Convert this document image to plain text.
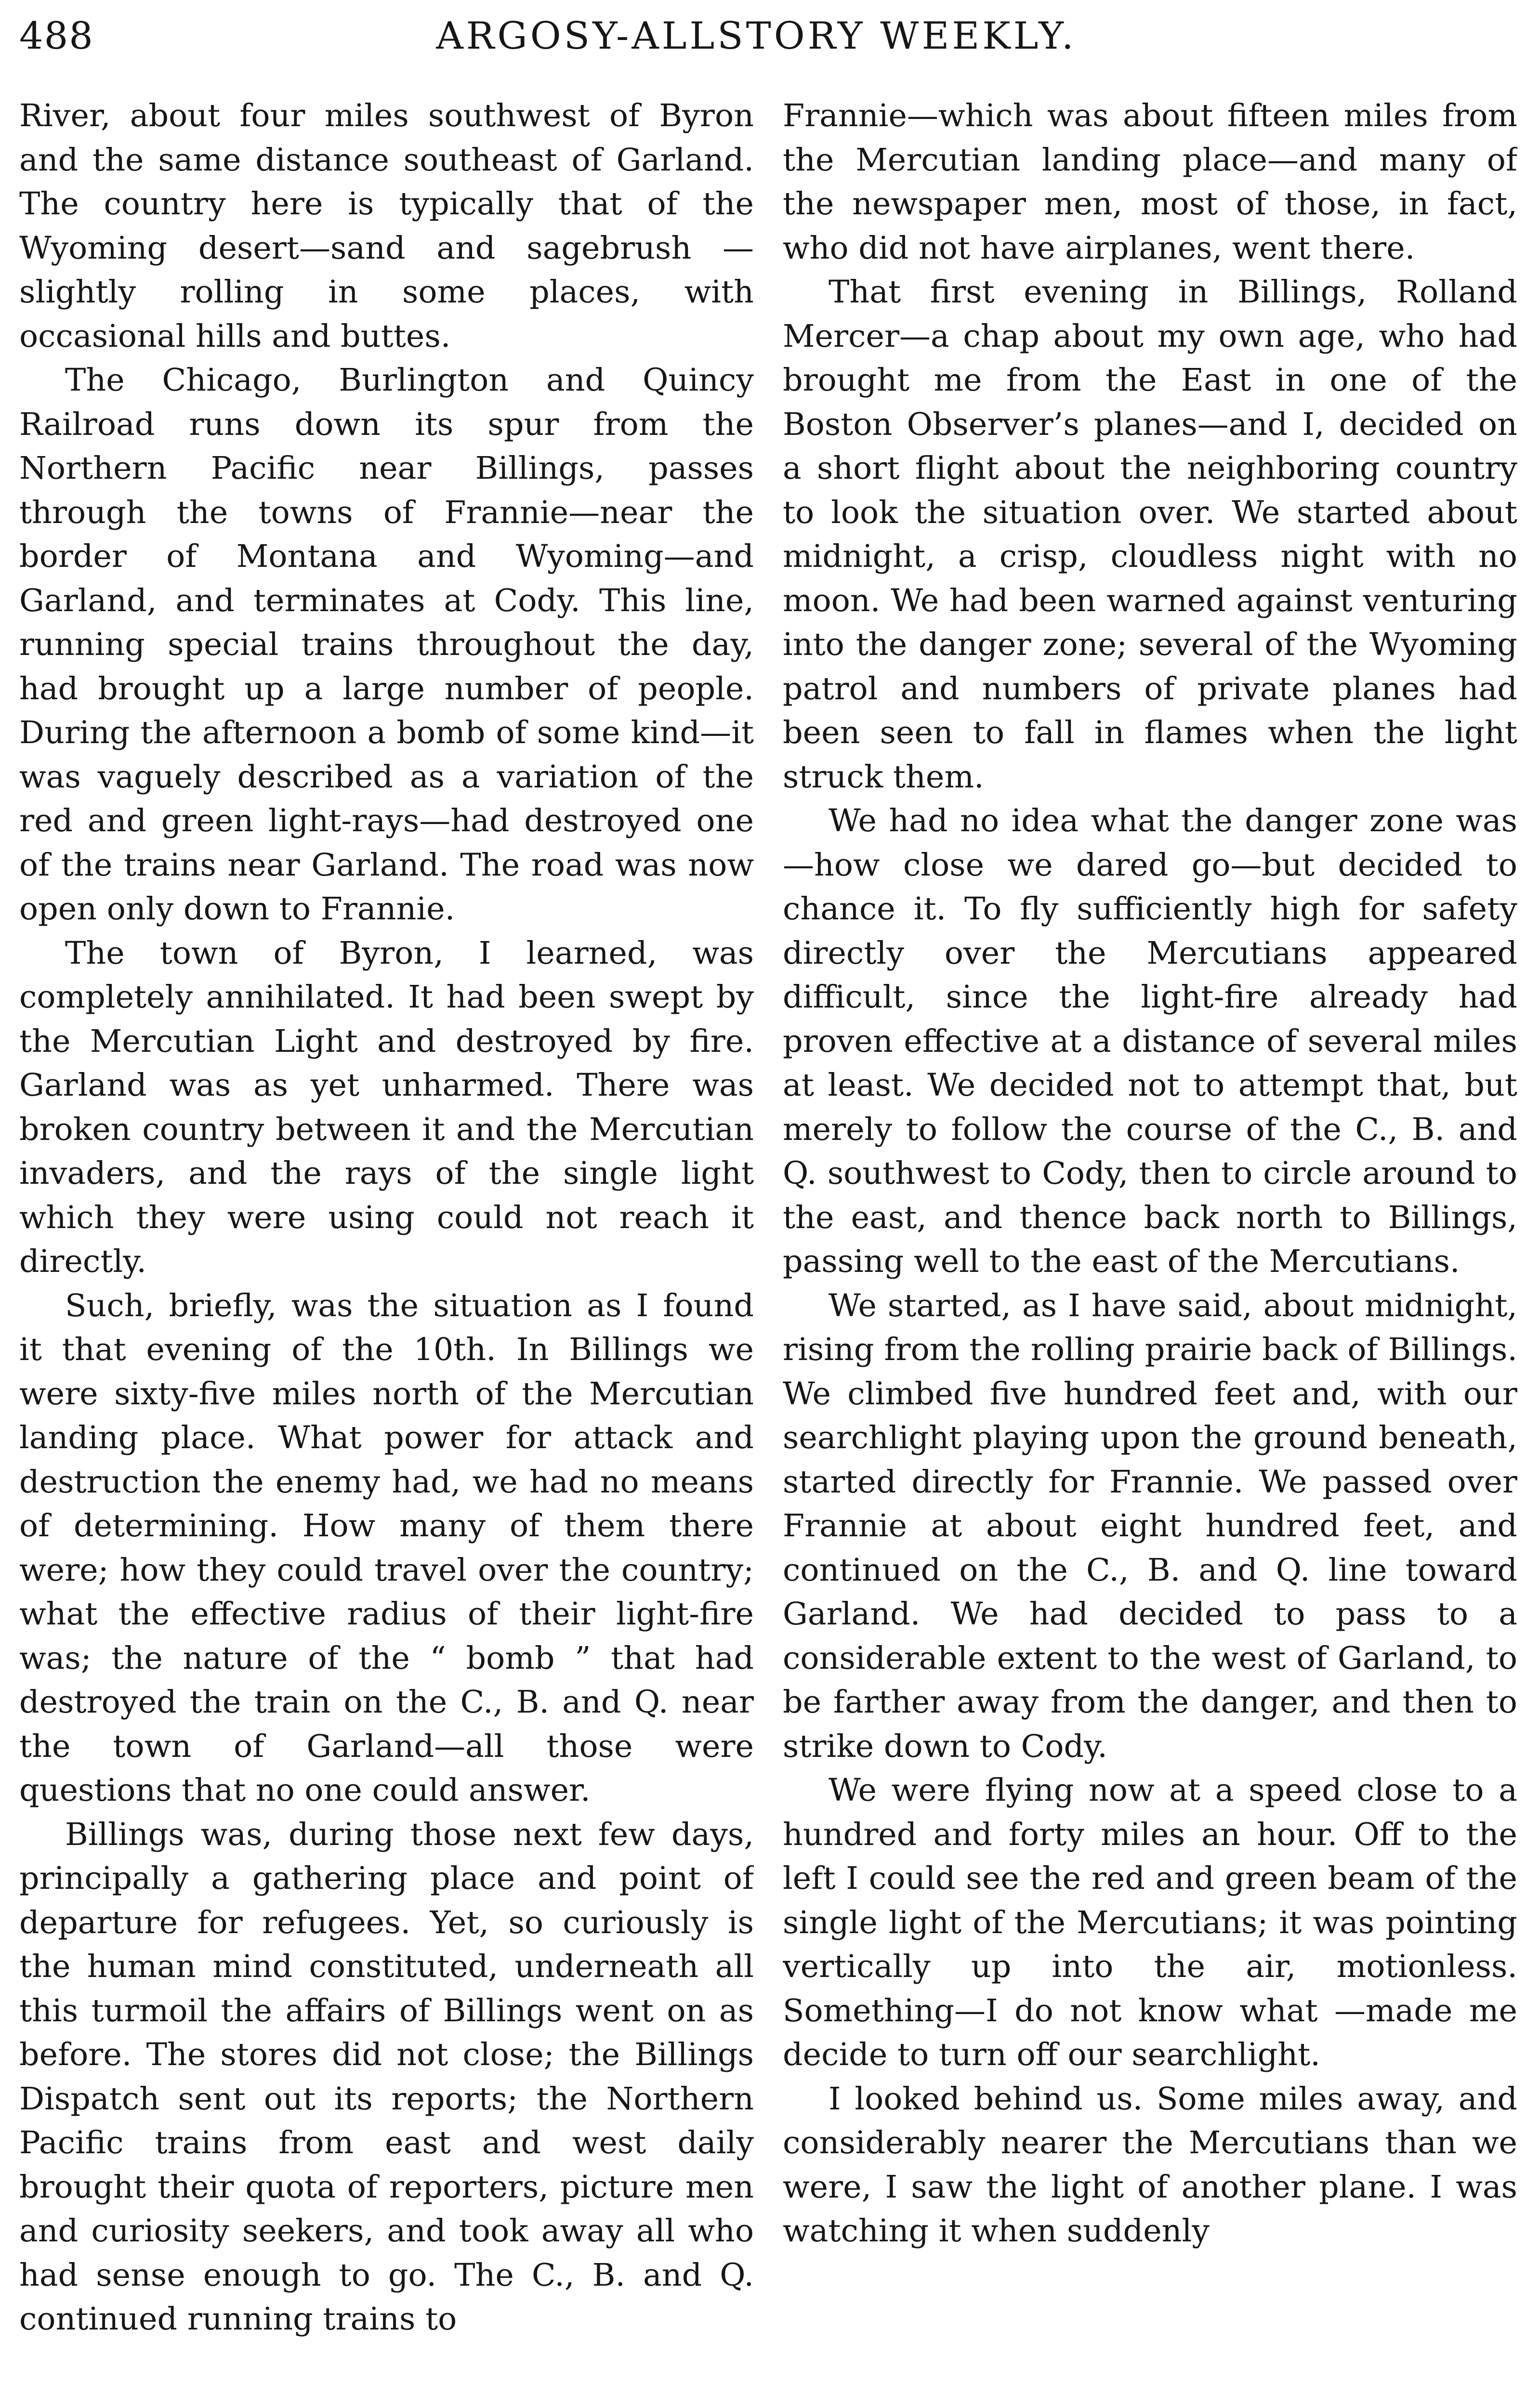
488	ARGOSY-ALLSTORY WEEKLY.

River, about four miles southwest of Byron and the same distance southeast of Garland. The country here is typically that of the Wyoming desert—sand and sagebrush —slightly rolling in some places, with occasional hills and buttes.

The Chicago, Burlington and Quincy Railroad runs down its spur from the Northern Pacific near Billings, passes through the towns of Frannie—near the border of Montana and Wyoming—and Garland, and terminates at Cody. This line, running special trains throughout the day, had brought up a large number of people. During the afternoon a bomb of some kind—it was vaguely described as a variation of the red and green light-rays—had destroyed one of the trains near Garland. The road was now open only down to Frannie.

The town of Byron, I learned, was completely annihilated. It had been swept by the Mercutian Light and destroyed by fire. Garland was as yet unharmed. There was broken country between it and the Mercutian invaders, and the rays of the single light which they were using could not reach it directly.

Such, briefly, was the situation as I found it that evening of the 10th. In Billings we were sixty-five miles north of the Mercutian landing place. What power for attack and destruction the enemy had, we had no means of determining. How many of them there were; how they could travel over the country; what the effective radius of their light-fire was; the nature of the “ bomb ” that had destroyed the train on the C., B. and Q. near the town of Garland—all those were questions that no one could answer.

Billings was, during those next few days, principally a gathering place and point of departure for refugees. Yet, so curiously is the human mind constituted, underneath all this turmoil the affairs of Billings went on as before. The stores did not close; the Billings Dispatch sent out its reports; the Northern Pacific trains from east and west daily brought their quota of reporters, picture men and curiosity seekers, and took away all who had sense enough to go. The C., B. and Q. continued running trains to

Frannie—which was about fifteen miles from the Mercutian landing place—and many of the newspaper men, most of those, in fact, who did not have airplanes, went there.

That first evening in Billings, Rolland Mercer—a chap about my own age, who had brought me from the East in one of the Boston Observer’s planes—and I, decided on a short flight about the neighboring country to look the situation over. We started about midnight, a crisp, cloudless night with no moon. We had been warned against venturing into the danger zone; several of the Wyoming patrol and numbers of private planes had been seen to fall in flames when the light struck them.

We had no idea what the danger zone was—how close we dared go—but decided to chance it. To fly sufficiently high for safety directly over the Mercutians appeared difficult, since the light-fire already had proven effective at a distance of several miles at least. We decided not to attempt that, but merely to follow the course of the C., B. and Q. southwest to Cody, then to circle around to the east, and thence back north to Billings, passing well to the east of the Mercutians.

We started, as I have said, about midnight, rising from the rolling prairie back of Billings. We climbed five hundred feet and, with our searchlight playing upon the ground beneath, started directly for Frannie. We passed over Frannie at about eight hundred feet, and continued on the C., B. and Q. line toward Garland. We had decided to pass to a considerable extent to the west of Garland, to be farther away from the danger, and then to strike down to Cody.

We were flying now at a speed close to a hundred and forty miles an hour. Off to the left I could see the red and green beam of the single light of the Mercutians; it was pointing vertically up into the air, motionless. Something—I do not know what —made me decide to turn off our searchlight.

I looked behind us. Some miles away, and considerably nearer the Mercutians than we were, I saw the light of another plane. I was watching it when suddenly
